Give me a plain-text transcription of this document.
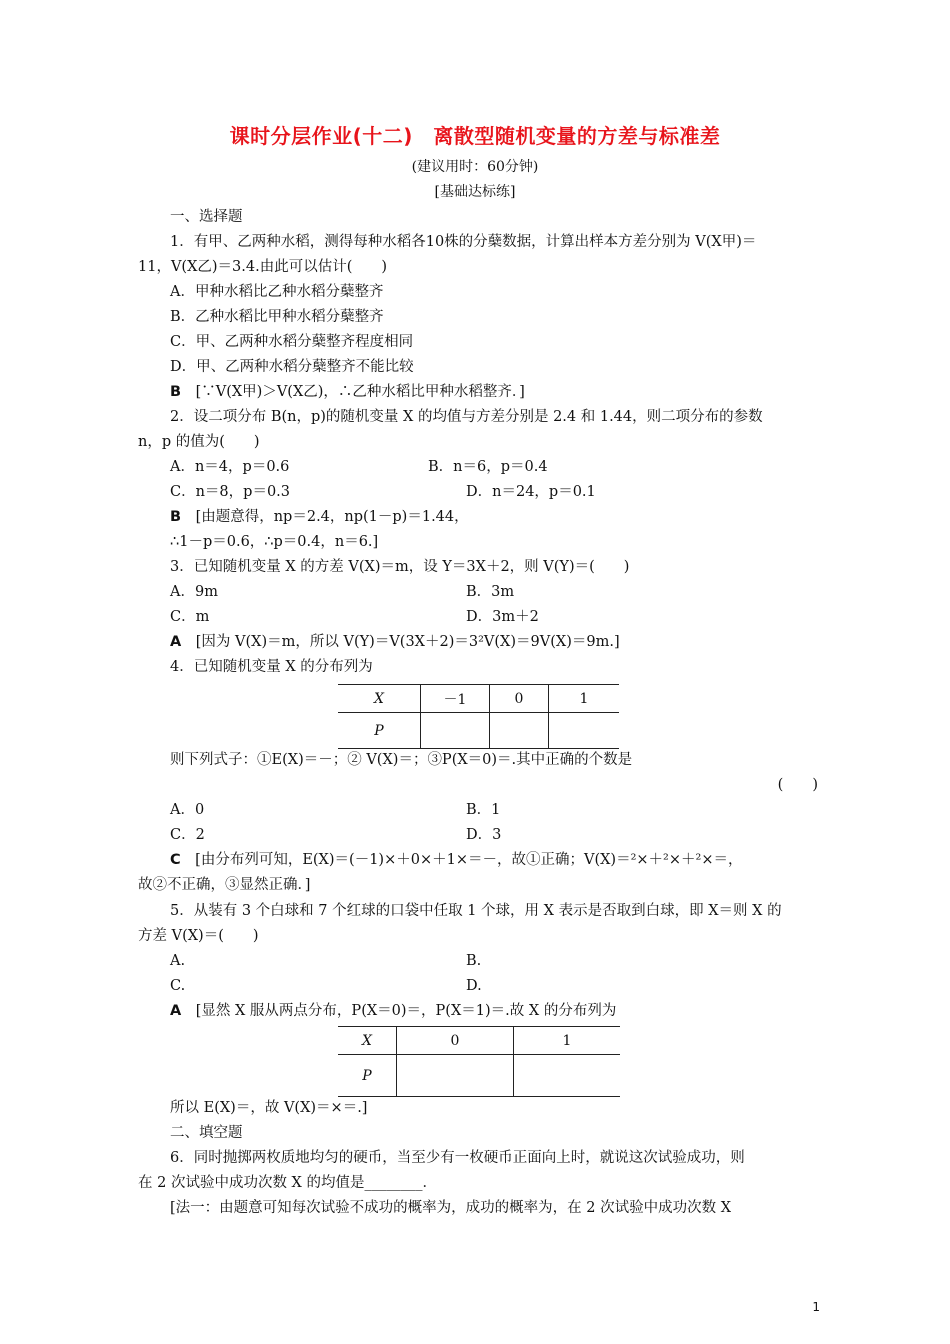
课时分层作业(十二)　离散型随机变量的方差与标准差
(建议用时：60分钟)
[基础达标练]
一、选择题
1．有甲、乙两种水稻，测得每种水稻各10株的分蘖数据，计算出样本方差分别为 V(X甲)＝
11，V(X乙)＝3.4.由此可以估计(　　)
A．甲种水稻比乙种水稻分蘖整齐
B．乙种水稻比甲种水稻分蘖整齐
C．甲、乙两种水稻分蘖整齐程度相同
D．甲、乙两种水稻分蘖整齐不能比较
B　 [∵V(X甲)＞V(X乙)，∴乙种水稻比甲种水稻整齐．]
2．设二项分布 B(n，p)的随机变量 X 的均值与方差分别是 2.4 和 1.44，则二项分布的参数
n，p 的值为(　　)
A．n＝4，p＝0.6	B．n＝6，p＝0.4
C．n＝8，p＝0.3	D．n＝24，p＝0.1
B　 [由题意得，np＝2.4，np(1－p)＝1.44，
∴1－p＝0.6，∴p＝0.4，n＝6.]
3．已知随机变量 X 的方差 V(X)＝m，设 Y＝3X＋2，则 V(Y)＝(　　)
A．9m	B．3m
C．m	D．3m＋2
A　 [因为 V(X)＝m，所以 V(Y)＝V(3X＋2)＝3²V(X)＝9V(X)＝9m.]
4．已知随机变量 X 的分布列为
X	－1	0	1
P			
则下列式子：①E(X)＝－；② V(X)＝；③P(X＝0)＝.其中正确的个数是
(　　)
A．0	B．1
C．2	D．3
C　 [由分布列可知，E(X)＝(－1)×＋0×＋1×＝－，故①正确；V(X)＝²×＋²×＋²×＝，
故②不正确，③显然正确．]
5．从装有 3 个白球和 7 个红球的口袋中任取 1 个球，用 X 表示是否取到白球，即 X＝则 X 的
方差 V(X)＝(　　)
A.	B.
C.	D.
A　 [显然 X 服从两点分布，P(X＝0)＝，P(X＝1)＝.故 X 的分布列为
X	0	1
P		
所以 E(X)＝，故 V(X)＝×＝.]
二、填空题
6．同时抛掷两枚质地均匀的硬币，当至少有一枚硬币正面向上时，就说这次试验成功，则
在 2 次试验中成功次数 X 的均值是________．
[法一：由题意可知每次试验不成功的概率为，成功的概率为，在 2 次试验中成功次数 X
1
